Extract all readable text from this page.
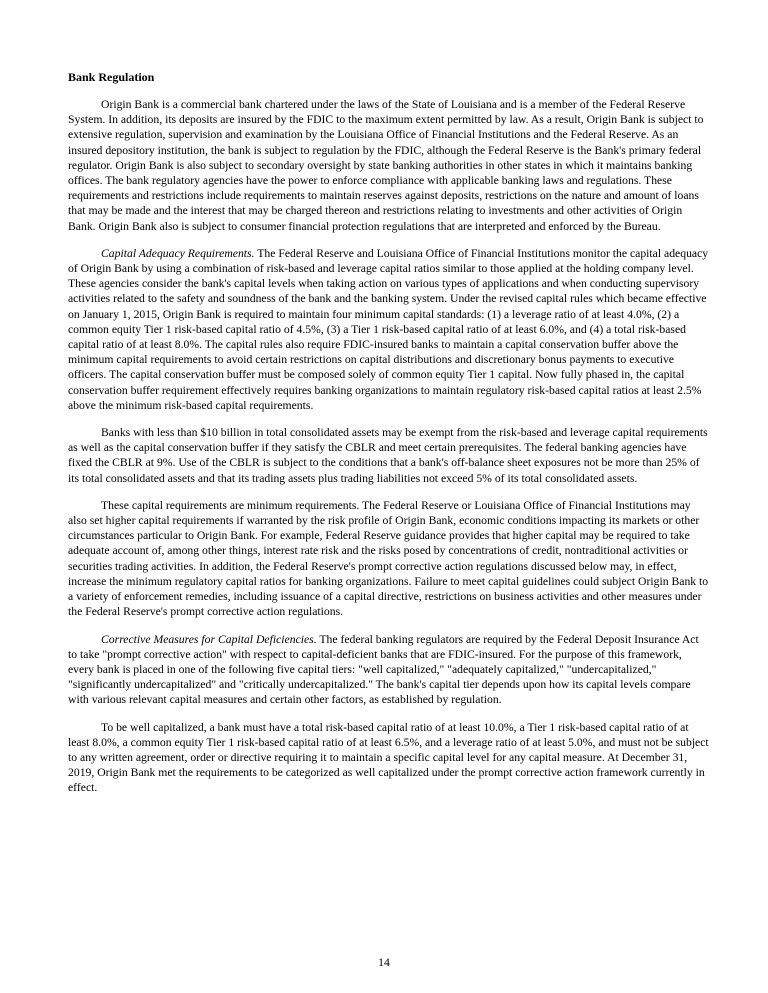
Bank Regulation

Origin Bank is a commercial bank chartered under the laws of the State of Louisiana and is a member of the Federal Reserve System. In addition, its deposits are insured by the FDIC to the maximum extent permitted by law. As a result, Origin Bank is subject to extensive regulation, supervision and examination by the Louisiana Office of Financial Institutions and the Federal Reserve. As an insured depository institution, the bank is subject to regulation by the FDIC, although the Federal Reserve is the Bank's primary federal regulator. Origin Bank is also subject to secondary oversight by state banking authorities in other states in which it maintains banking offices. The bank regulatory agencies have the power to enforce compliance with applicable banking laws and regulations. These requirements and restrictions include requirements to maintain reserves against deposits, restrictions on the nature and amount of loans that may be made and the interest that may be charged thereon and restrictions relating to investments and other activities of Origin Bank. Origin Bank also is subject to consumer financial protection regulations that are interpreted and enforced by the Bureau.

Capital Adequacy Requirements. The Federal Reserve and Louisiana Office of Financial Institutions monitor the capital adequacy of Origin Bank by using a combination of risk-based and leverage capital ratios similar to those applied at the holding company level. These agencies consider the bank's capital levels when taking action on various types of applications and when conducting supervisory activities related to the safety and soundness of the bank and the banking system. Under the revised capital rules which became effective on January 1, 2015, Origin Bank is required to maintain four minimum capital standards: (1) a leverage ratio of at least 4.0%, (2) a common equity Tier 1 risk-based capital ratio of 4.5%, (3) a Tier 1 risk-based capital ratio of at least 6.0%, and (4) a total risk-based capital ratio of at least 8.0%. The capital rules also require FDIC-insured banks to maintain a capital conservation buffer above the minimum capital requirements to avoid certain restrictions on capital distributions and discretionary bonus payments to executive officers. The capital conservation buffer must be composed solely of common equity Tier 1 capital. Now fully phased in, the capital conservation buffer requirement effectively requires banking organizations to maintain regulatory risk-based capital ratios at least 2.5% above the minimum risk-based capital requirements.

Banks with less than $10 billion in total consolidated assets may be exempt from the risk-based and leverage capital requirements as well as the capital conservation buffer if they satisfy the CBLR and meet certain prerequisites. The federal banking agencies have fixed the CBLR at 9%. Use of the CBLR is subject to the conditions that a bank's off-balance sheet exposures not be more than 25% of its total consolidated assets and that its trading assets plus trading liabilities not exceed 5% of its total consolidated assets.

These capital requirements are minimum requirements. The Federal Reserve or Louisiana Office of Financial Institutions may also set higher capital requirements if warranted by the risk profile of Origin Bank, economic conditions impacting its markets or other circumstances particular to Origin Bank. For example, Federal Reserve guidance provides that higher capital may be required to take adequate account of, among other things, interest rate risk and the risks posed by concentrations of credit, nontraditional activities or securities trading activities. In addition, the Federal Reserve's prompt corrective action regulations discussed below may, in effect, increase the minimum regulatory capital ratios for banking organizations. Failure to meet capital guidelines could subject Origin Bank to a variety of enforcement remedies, including issuance of a capital directive, restrictions on business activities and other measures under the Federal Reserve's prompt corrective action regulations.

Corrective Measures for Capital Deficiencies. The federal banking regulators are required by the Federal Deposit Insurance Act to take "prompt corrective action" with respect to capital-deficient banks that are FDIC-insured. For the purpose of this framework, every bank is placed in one of the following five capital tiers: "well capitalized," "adequately capitalized," "undercapitalized," "significantly undercapitalized" and "critically undercapitalized." The bank's capital tier depends upon how its capital levels compare with various relevant capital measures and certain other factors, as established by regulation.

To be well capitalized, a bank must have a total risk-based capital ratio of at least 10.0%, a Tier 1 risk-based capital ratio of at least 8.0%, a common equity Tier 1 risk-based capital ratio of at least 6.5%, and a leverage ratio of at least 5.0%, and must not be subject to any written agreement, order or directive requiring it to maintain a specific capital level for any capital measure. At December 31, 2019, Origin Bank met the requirements to be categorized as well capitalized under the prompt corrective action framework currently in effect.

14
